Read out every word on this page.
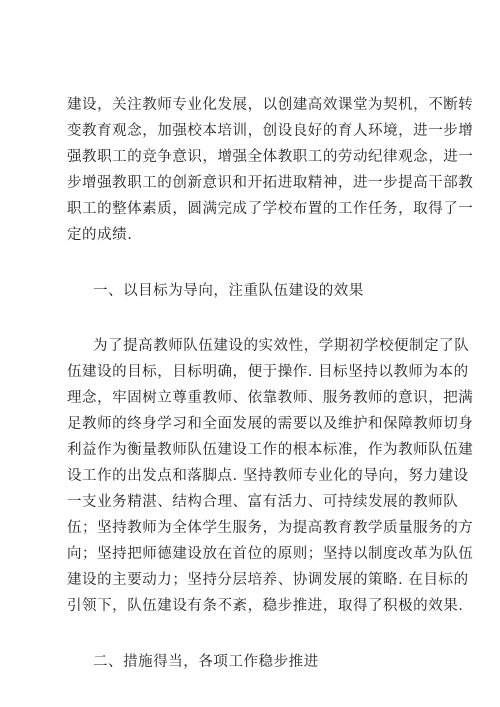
建设，关注教师专业化发展，以创建高效课堂为契机，不断转
变教育观念，加强校本培训，创设良好的育人环境，进一步增
强教职工的竞争意识，增强全体教职工的劳动纪律观念，进一
步增强教职工的创新意识和开拓进取精神，进一步提高干部教
职工的整体素质，圆满完成了学校布置的工作任务，取得了一
定的成绩.
一、以目标为导向，注重队伍建设的效果
为了提高教师队伍建设的实效性，学期初学校便制定了队
伍建设的目标，目标明确，便于操作. 目标坚持以教师为本的
理念，牢固树立尊重教师、依靠教师、服务教师的意识，把满
足教师的终身学习和全面发展的需要以及维护和保障教师切身
利益作为衡量教师队伍建设工作的根本标准，作为教师队伍建
设工作的出发点和落脚点. 坚持教师专业化的导向，努力建设
一支业务精湛、结构合理、富有活力、可持续发展的教师队
伍；坚持教师为全体学生服务，为提高教育教学质量服务的方
向；坚持把师德建设放在首位的原则；坚持以制度改革为队伍
建设的主要动力；坚持分层培养、协调发展的策略. 在目标的
引领下，队伍建设有条不紊，稳步推进，取得了积极的效果.
二、措施得当，各项工作稳步推进
